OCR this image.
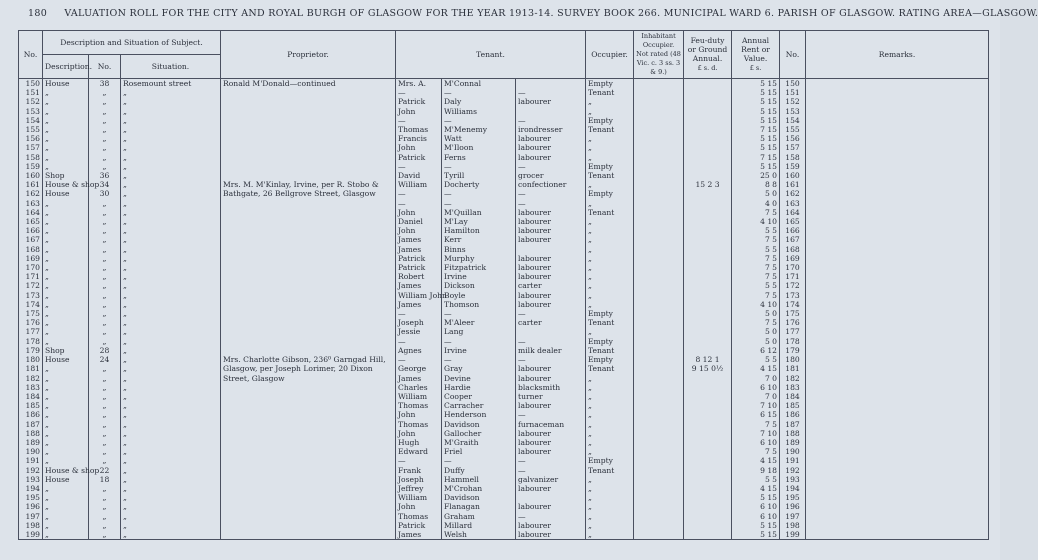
180 VALUATION ROLL FOR THE CITY AND ROYAL BURGH OF GLASGOW FOR THE YEAR 1913-14. SURVEY BOOK 266. MUNICIPAL WARD 6. PARISH OF GLASGOW. RATING AREA—GLASGOW.
No.	Description and Situation of Subject.			Proprietor.	Tenant.			Occupier.	Inhabitant Occupier. Not rated (48 Vic. c. 3 ss. 3 & 9.)	Feu-duty or Ground Annual.
£ s. d.	Annual Rent or Value.
£ s.	No.	Remarks.
	Description.	No.	Situation.										
150	House	38	Rosemount street	Ronald M'Donald—continued	Mrs. A.	M'Connal		Empty			5 15	150	
151	„	„	„		—	—	—	Tenant			5 15	151	
152	„	„	„		Patrick	Daly	labourer	„			5 15	152	
153	„	„	„		John	Williams		„			5 15	153	
154	„	„	„		—	—	—	Empty			5 15	154	
155	„	„	„		Thomas	M'Menemy	irondresser	Tenant			7 15	155	
156	„	„	„		Francis	Watt	labourer	„			5 15	156	
157	„	„	„		John	M'Iloon	labourer	„			5 15	157	
158	„	„	„		Patrick	Ferns	labourer	„			7 15	158	
159	„	„	„		—	—	—	Empty			5 15	159	
160	Shop	36	„		David	Tyrill	grocer	Tenant			25 0	160	
161	House & shop	34	„	Mrs. M. M'Kinlay, Irvine, per R. Stobo &	William	Docherty	confectioner	„		15 2 3	8 8	161	
162	House	30	„	Bathgate, 26 Bellgrove Street, Glasgow	—	—	—	Empty			5 0	162	
163	„	„	„		—	—	—	„			4 0	163	
164	„	„	„		John	M'Quillan	labourer	Tenant			7 5	164	
165	„	„	„		Daniel	M'Lay	labourer	„			4 10	165	
166	„	„	„		John	Hamilton	labourer	„			5 5	166	
167	„	„	„		James	Kerr	labourer	„			7 5	167	
168	„	„	„		James	Binns		„			5 5	168	
169	„	„	„		Patrick	Murphy	labourer	„			7 5	169	
170	„	„	„		Patrick	Fitzpatrick	labourer	„			7 5	170	
171	„	„	„		Robert	Irvine	labourer	„			7 5	171	
172	„	„	„		James	Dickson	carter	„			5 5	172	
173	„	„	„		William John	Boyle	labourer	„			7 5	173	
174	„	„	„		James	Thomson	labourer	„			4 10	174	
175	„	„	„		—	—	—	Empty			5 0	175	
176	„	„	„		Joseph	M'Aleer	carter	Tenant			7 5	176	
177	„	„	„		Jessie	Lang		„			5 0	177	
178	„	„	„		—	—	—	Empty			5 0	178	
179	Shop	28	„		Agnes	Irvine	milk dealer	Tenant			6 12	179	
180	House	24	„	Mrs. Charlotte Gibson, 236⁰ Garngad Hill,	—	—	—	Empty		8 12 1	5 5	180	
181	„	„	„	Glasgow, per Joseph Lorimer, 20 Dixon	George	Gray	labourer	Tenant		9 15 0½	4 15	181	
182	„	„	„	Street, Glasgow	James	Devine	labourer	„			7 0	182	
183	„	„	„		Charles	Hardie	blacksmith	„			6 10	183	
184	„	„	„		William	Cooper	turner	„			7 0	184	
185	„	„	„		Thomas	Carracher	labourer	„			7 10	185	
186	„	„	„		John	Henderson	—	„			6 15	186	
187	„	„	„		Thomas	Davidson	furnaceman	„			7 5	187	
188	„	„	„		John	Gallocher	labourer	„			7 10	188	
189	„	„	„		Hugh	M'Graith	labourer	„			6 10	189	
190	„	„	„		Edward	Friel	labourer	„			7 5	190	
191	„	„	„		—	—	—	Empty			4 15	191	
192	House & shop	22	„		Frank	Duffy	—	Tenant			9 18	192	
193	House	18	„		Joseph	Hammell	galvanizer	„			5 5	193	
194	„	„	„		Jeffrey	M'Crohan	labourer	„			4 15	194	
195	„	„	„		William	Davidson		„			5 15	195	
196	„	„	„		John	Flanagan	labourer	„			6 10	196	
197	„	„	„		Thomas	Graham	—	„			6 10	197	
198	„	„	„		Patrick	Millard	labourer	„			5 15	198	
199	„	„	„		James	Welsh	labourer	„			5 15	199	
